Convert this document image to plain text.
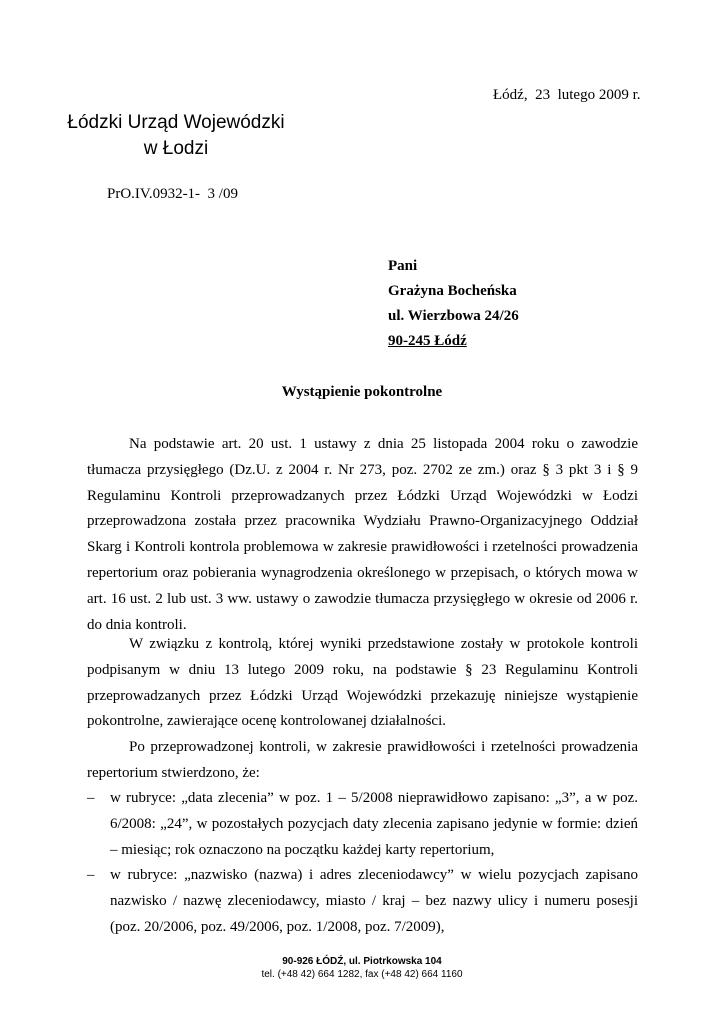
Łódź,  23  lutego 2009 r.
Łódzki Urząd Wojewódzki
w Łodzi
PrO.IV.0932-1-  3 /09
Pani
Grażyna Bocheńska
ul. Wierzbowa 24/26
90-245 Łódź
Wystąpienie pokontrolne

Na podstawie art. 20 ust. 1 ustawy z dnia 25 listopada 2004 roku o zawodzie tłumacza przysięgłego (Dz.U. z 2004 r. Nr 273, poz. 2702 ze zm.) oraz § 3 pkt 3 i § 9 Regulaminu Kontroli przeprowadzanych przez Łódzki Urząd Wojewódzki w Łodzi przeprowadzona została przez pracownika Wydziału Prawno-Organizacyjnego Oddział Skarg i Kontroli kontrola problemowa w zakresie prawidłowości i rzetelności prowadzenia repertorium oraz pobierania wynagrodzenia określonego w przepisach, o których mowa w art. 16 ust. 2 lub ust. 3 ww. ustawy o zawodzie tłumacza przysięgłego w okresie od 2006 r. do dnia kontroli.

W związku z kontrolą, której wyniki przedstawione zostały w protokole kontroli podpisanym w dniu 13 lutego 2009 roku, na podstawie § 23 Regulaminu Kontroli przeprowadzanych przez Łódzki Urząd Wojewódzki przekazuję niniejsze wystąpienie pokontrolne, zawierające ocenę kontrolowanej działalności.

Po przeprowadzonej kontroli, w zakresie prawidłowości i rzetelności prowadzenia repertorium stwierdzono, że:

– w rubryce: „data zlecenia” w poz. 1 – 5/2008 nieprawidłowo zapisano: „3”, a w poz. 6/2008: „24”, w pozostałych pozycjach daty zlecenia zapisano jedynie w formie: dzień – miesiąc; rok oznaczono na początku każdej karty repertorium,
– w rubryce: „nazwisko (nazwa) i adres zleceniodawcy” w wielu pozycjach zapisano nazwisko / nazwę zleceniodawcy, miasto / kraj – bez nazwy ulicy i numeru posesji (poz. 20/2006, poz. 49/2006, poz. 1/2008, poz. 7/2009),
90-926 ŁÓDŹ, ul. Piotrkowska 104
tel. (+48 42) 664 1282, fax (+48 42) 664 1160
